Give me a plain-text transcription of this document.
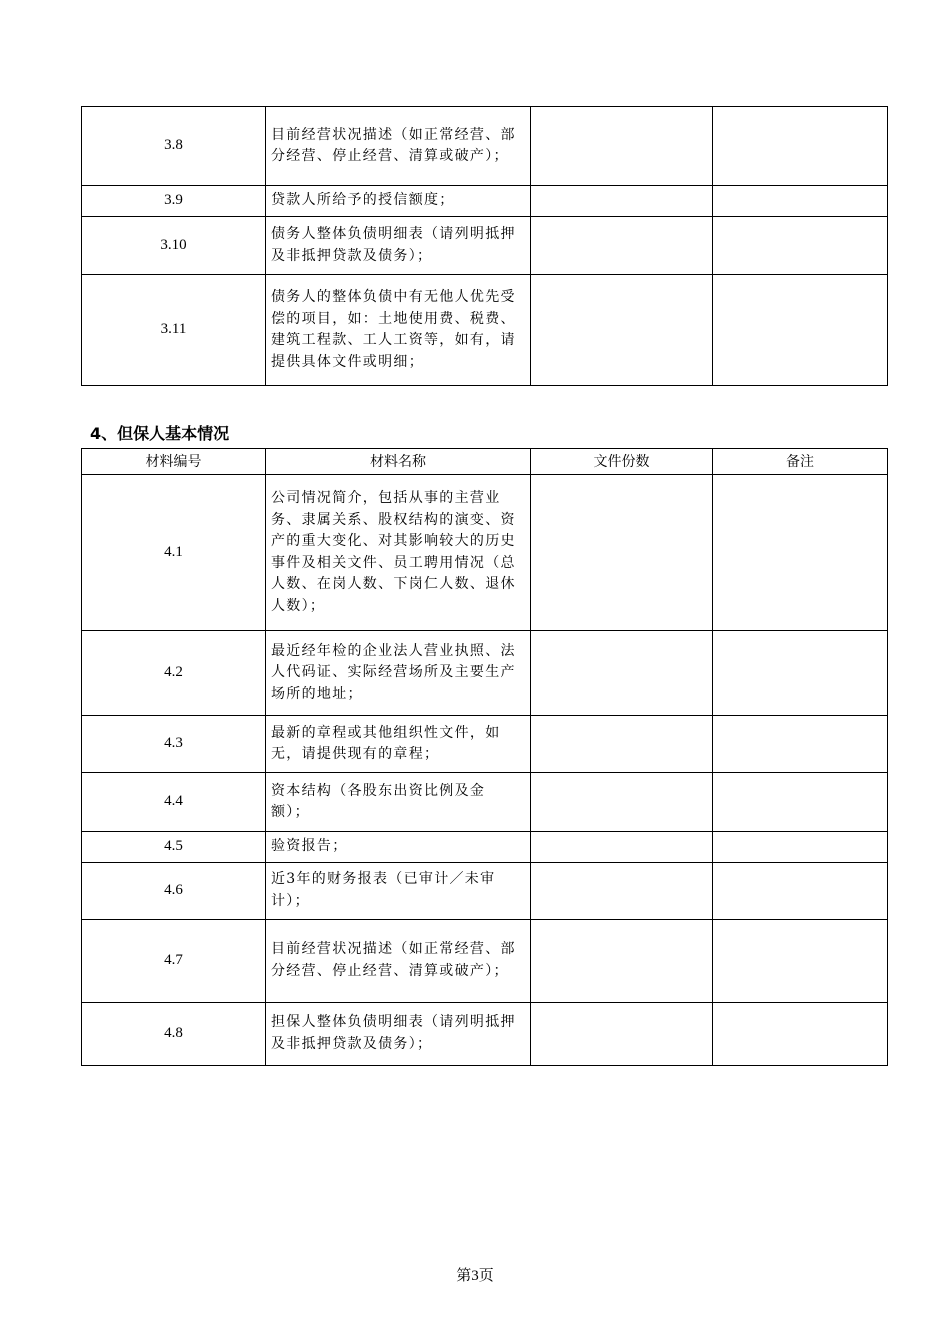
3.8	目前经营状况描述（如正常经营、部分经营、停止经营、清算或破产）；		
3.9	贷款人所给予的授信额度；		
3.10	债务人整体负债明细表（请列明抵押及非抵押贷款及债务）；		
3.11	债务人的整体负债中有无他人优先受偿的项目，如：土地使用费、税费、建筑工程款、工人工资等，如有，请提供具体文件或明细；		
4、但保人基本情况
材料编号	材料名称	文件份数	备注
4.1	公司情况简介，包括从事的主营业务、隶属关系、股权结构的演变、资产的重大变化、对其影响较大的历史事件及相关文件、员工聘用情况（总人数、在岗人数、下岗仁人数、退休人数）；		
4.2	最近经年检的企业法人营业执照、法人代码证、实际经营场所及主要生产场所的地址；		
4.3	最新的章程或其他组织性文件，如无，请提供现有的章程；		
4.4	资本结构（各股东出资比例及金额）；		
4.5	验资报告；		
4.6	近3年的财务报表（已审计／未审计）；		
4.7	目前经营状况描述（如正常经营、部分经营、停止经营、清算或破产）；		
4.8	担保人整体负债明细表（请列明抵押及非抵押贷款及债务）；		
第3页
